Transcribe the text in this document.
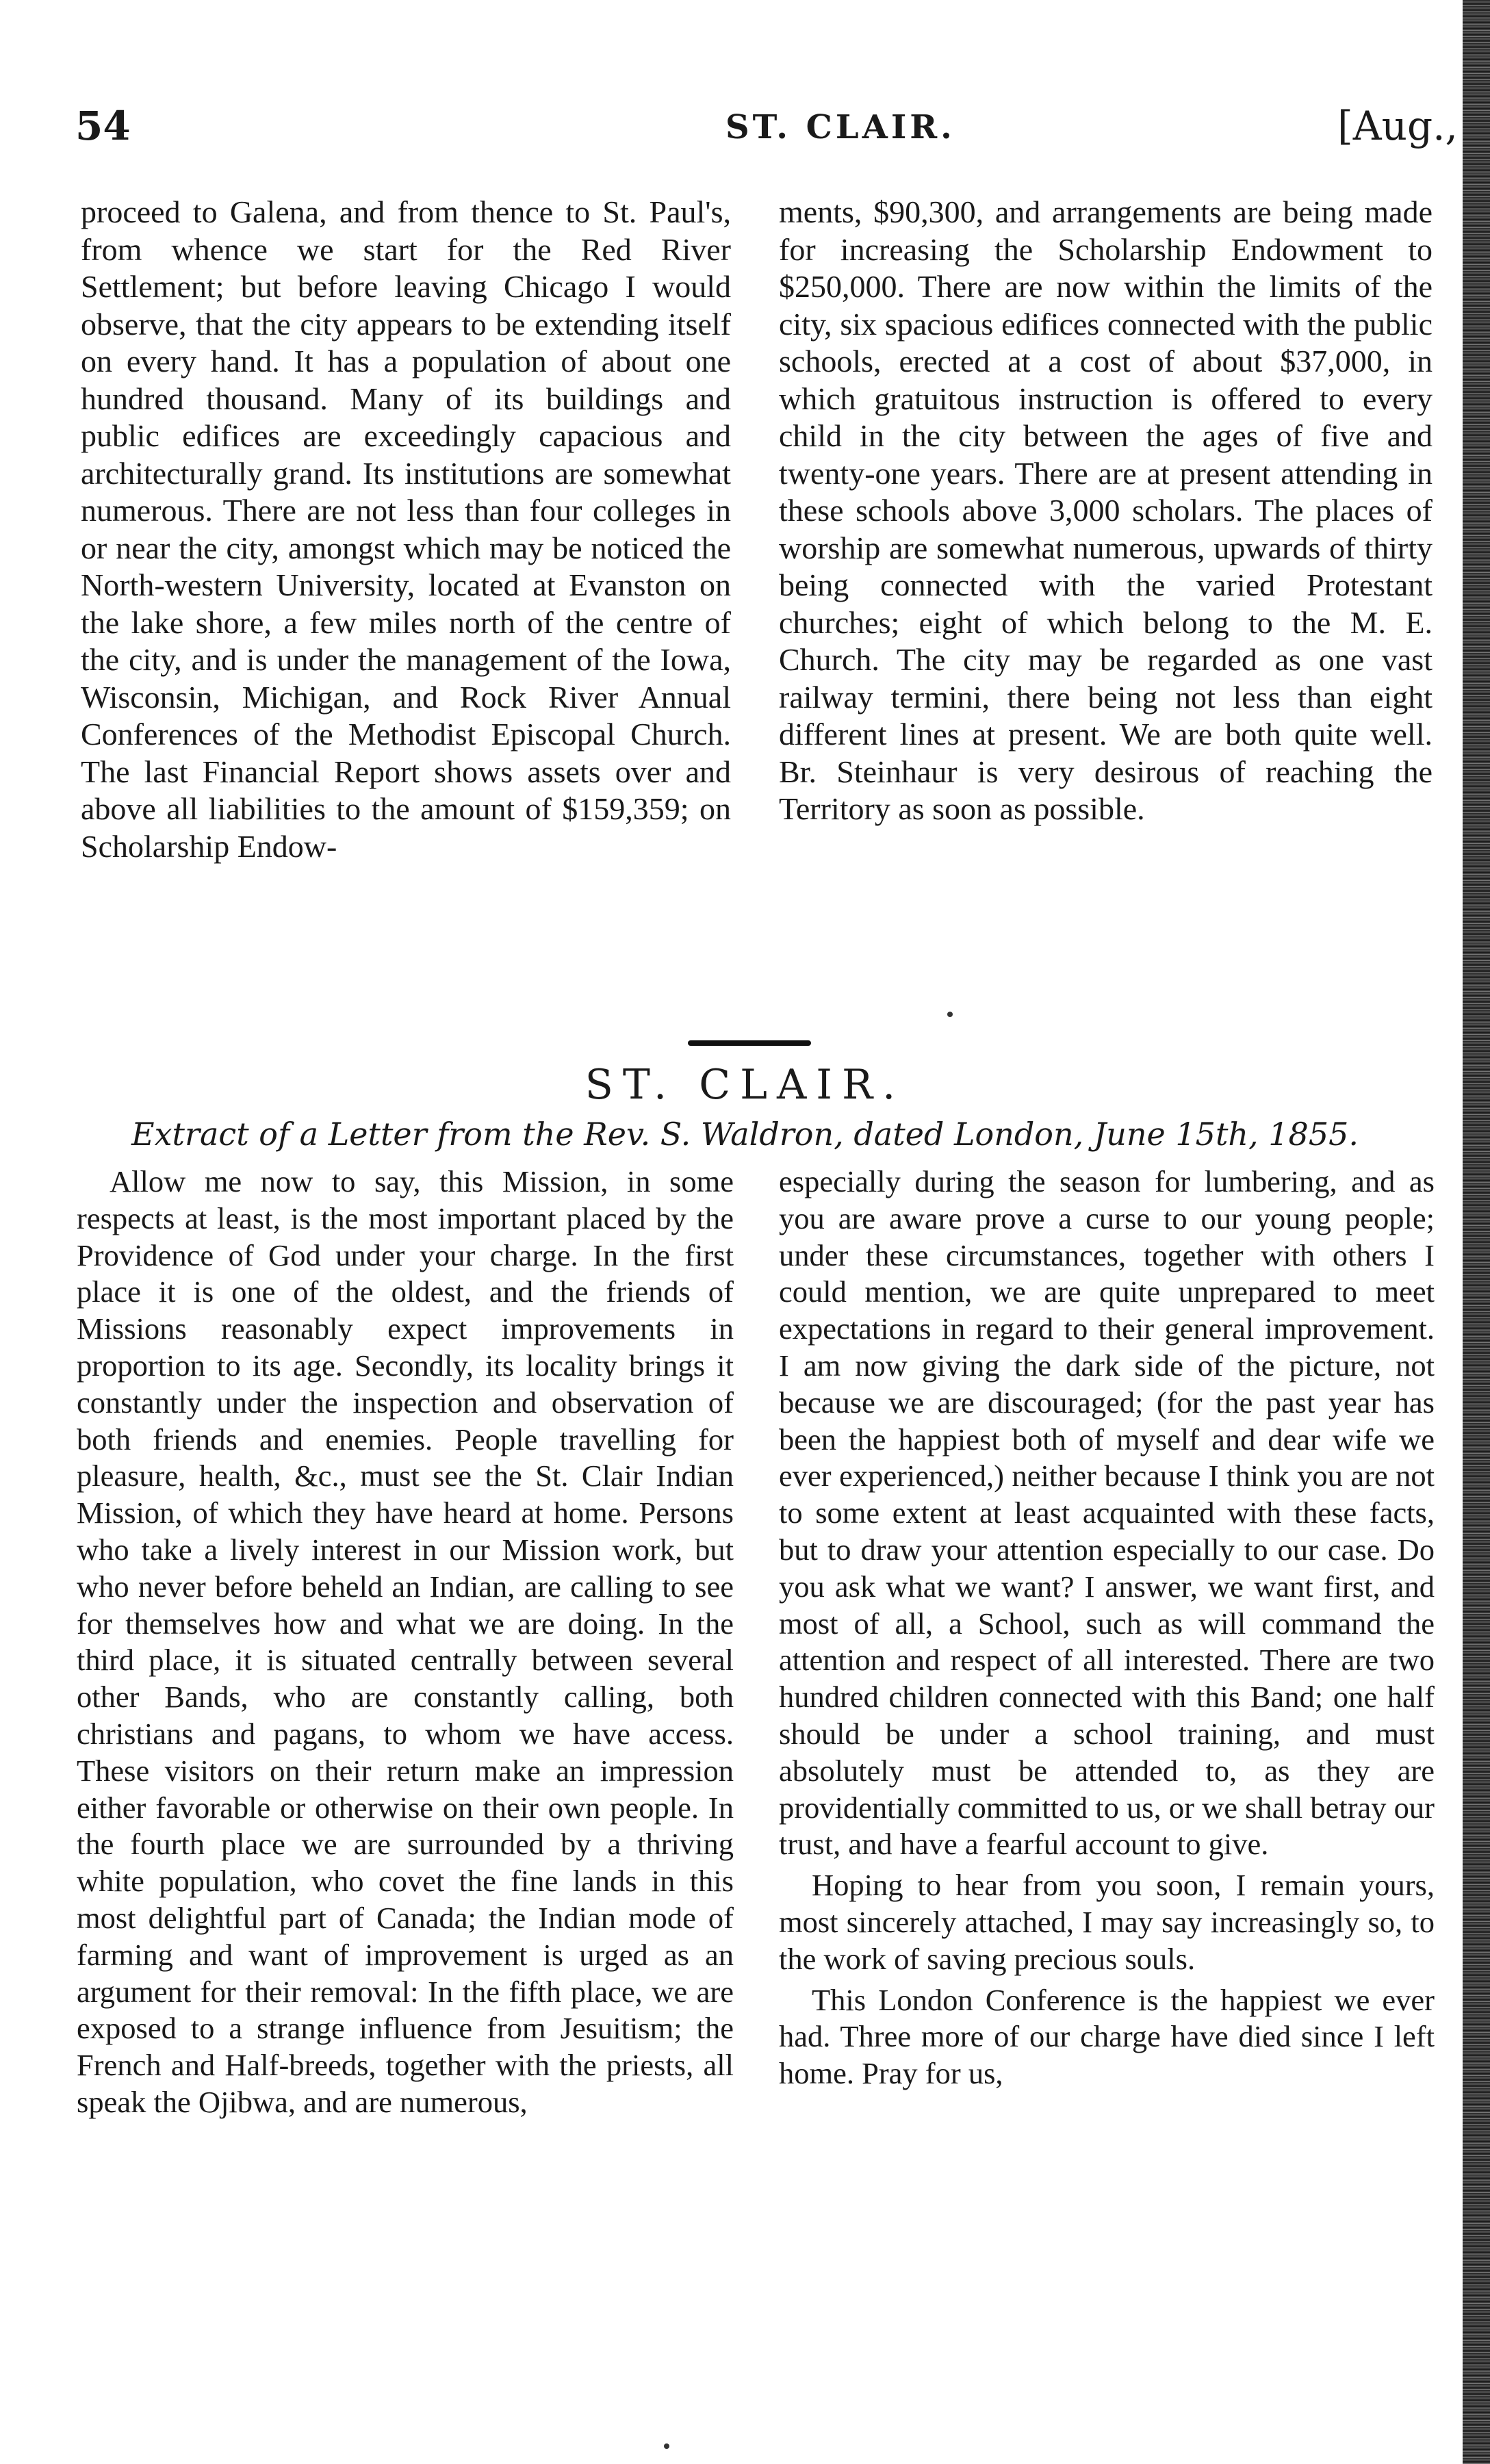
54	ST. CLAIR.	[Aug.,

proceed to Galena, and from thence to St. Paul's, from whence we start for the Red River Settlement; but before leaving Chicago I would observe, that the city appears to be extending itself on every hand. It has a population of about one hundred thousand. Many of its buildings and public edifices are exceedingly capacious and architecturally grand. Its institutions are somewhat numerous. There are not less than four colleges in or near the city, amongst which may be noticed the North-western University, located at Evanston on the lake shore, a few miles north of the centre of the city, and is under the management of the Iowa, Wisconsin, Michigan, and Rock River Annual Conferences of the Methodist Episcopal Church. The last Financial Report shows assets over and above all liabilities to the amount of $159,359; on Scholarship Endow-

ments, $90,300, and arrangements are being made for increasing the Scholarship Endowment to $250,000. There are now within the limits of the city, six spacious edifices connected with the public schools, erected at a cost of about $37,000, in which gratuitous instruction is offered to every child in the city between the ages of five and twenty-one years. There are at present attending in these schools above 3,000 scholars. The places of worship are somewhat numerous, upwards of thirty being connected with the varied Protestant churches; eight of which belong to the M. E. Church. The city may be regarded as one vast railway termini, there being not less than eight different lines at present. We are both quite well. Br. Steinhaur is very desirous of reaching the Territory as soon as possible.

ST. CLAIR.
Extract of a Letter from the Rev. S. Waldron, dated London, June 15th, 1855.

Allow me now to say, this Mission, in some respects at least, is the most important placed by the Providence of God under your charge. In the first place it is one of the oldest, and the friends of Missions reasonably expect improvements in proportion to its age. Secondly, its locality brings it constantly under the inspection and observation of both friends and enemies. People travelling for pleasure, health, &c., must see the St. Clair Indian Mission, of which they have heard at home. Persons who take a lively interest in our Mission work, but who never before beheld an Indian, are calling to see for themselves how and what we are doing. In the third place, it is situated centrally between several other Bands, who are constantly calling, both christians and pagans, to whom we have access. These visitors on their return make an impression either favorable or otherwise on their own people. In the fourth place we are surrounded by a thriving white population, who covet the fine lands in this most delightful part of Canada; the Indian mode of farming and want of improvement is urged as an argument for their removal: In the fifth place, we are exposed to a strange influence from Jesuitism; the French and Half-breeds, together with the priests, all speak the Ojibwa, and are numerous,

especially during the season for lumbering, and as you are aware prove a curse to our young people; under these circumstances, together with others I could mention, we are quite unprepared to meet expectations in regard to their general improvement. I am now giving the dark side of the picture, not because we are discouraged; (for the past year has been the happiest both of myself and dear wife we ever experienced,) neither because I think you are not to some extent at least acquainted with these facts, but to draw your attention especially to our case. Do you ask what we want? I answer, we want first, and most of all, a School, such as will command the attention and respect of all interested. There are two hundred children connected with this Band; one half should be under a school training, and must absolutely must be attended to, as they are providentially committed to us, or we shall betray our trust, and have a fearful account to give.

Hoping to hear from you soon, I remain yours, most sincerely attached, I may say increasingly so, to the work of saving precious souls.

This London Conference is the happiest we ever had. Three more of our charge have died since I left home. Pray for us,
